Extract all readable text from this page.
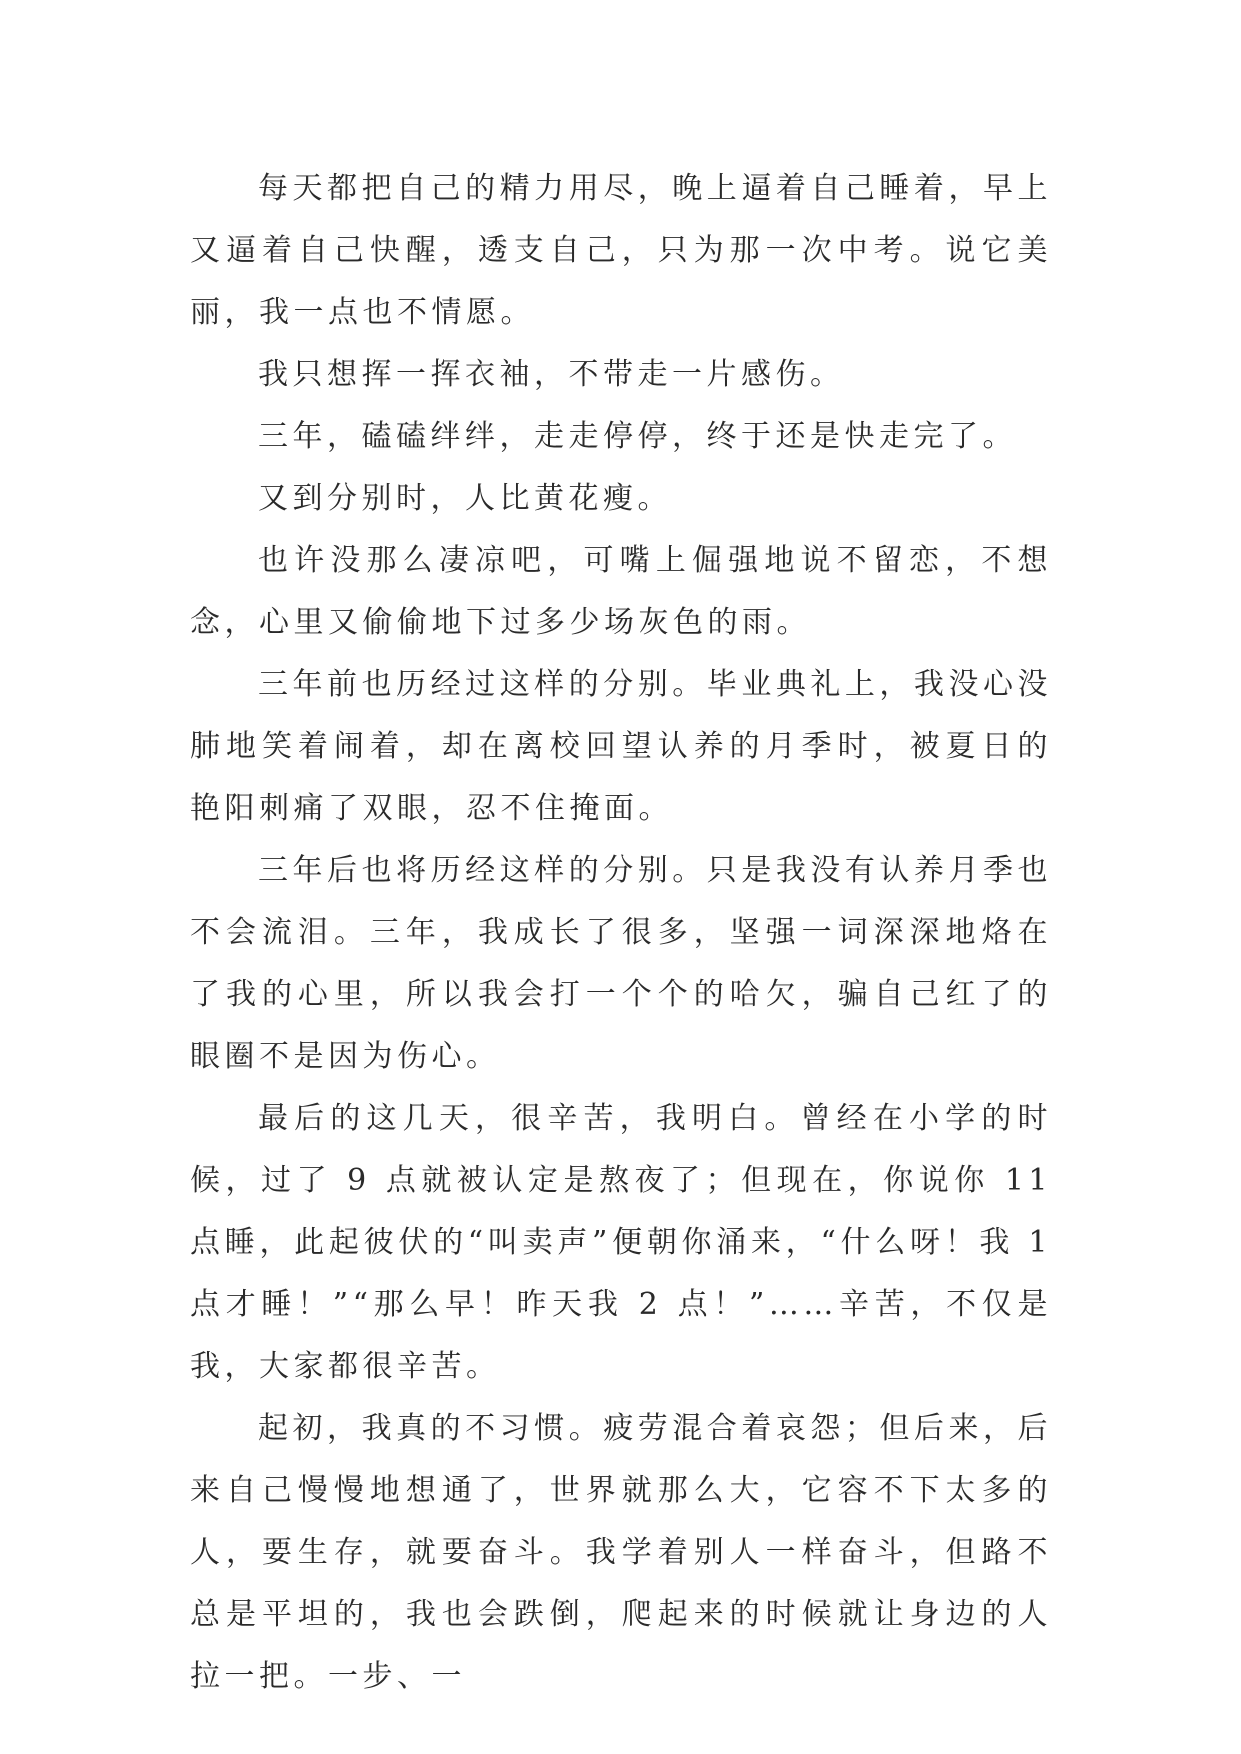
每天都把自己的精力用尽，晚上逼着自己睡着，早上又逼着自己快醒，透支自己，只为那一次中考。说它美丽，我一点也不情愿。

我只想挥一挥衣袖，不带走一片感伤。

三年，磕磕绊绊，走走停停，终于还是快走完了。

又到分别时，人比黄花瘦。

也许没那么凄凉吧，可嘴上倔强地说不留恋，不想念，心里又偷偷地下过多少场灰色的雨。

三年前也历经过这样的分别。毕业典礼上，我没心没肺地笑着闹着，却在离校回望认养的月季时，被夏日的艳阳刺痛了双眼，忍不住掩面。

三年后也将历经这样的分别。只是我没有认养月季也不会流泪。三年，我成长了很多，坚强一词深深地烙在了我的心里，所以我会打一个个的哈欠，骗自己红了的眼圈不是因为伤心。

最后的这几天，很辛苦，我明白。曾经在小学的时候，过了 9 点就被认定是熬夜了；但现在，你说你 11 点睡，此起彼伏的“叫卖声”便朝你涌来，“什么呀！我 1 点才睡！”“那么早！昨天我 2 点！”……辛苦，不仅是我，大家都很辛苦。

起初，我真的不习惯。疲劳混合着哀怨；但后来，后来自己慢慢地想通了，世界就那么大，它容不下太多的人，要生存，就要奋斗。我学着别人一样奋斗，但路不总是平坦的，我也会跌倒，爬起来的时候就让身边的人拉一把。一步、一
